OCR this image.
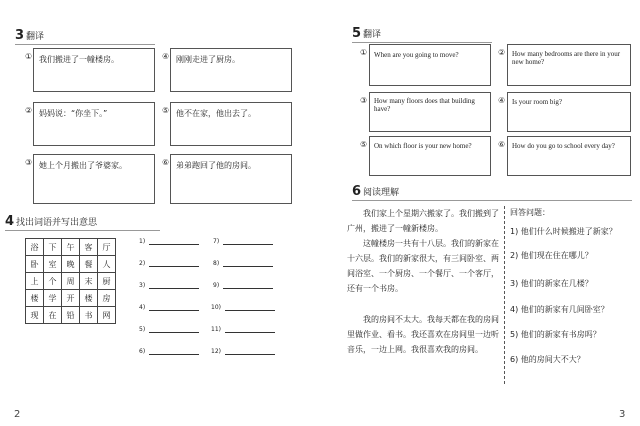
3 翻译
① 我们搬进了一幢楼房。
② 妈妈说：“你坐下。”
③ 她上个月搬出了爷婆家。
④ 刚刚走进了厨房。
⑤ 他不在家，他出去了。
⑥ 弟弟跑回了他的房间。
4 找出词语并写出意思
浴	下	午	客	厅
卧	室	晚	餐	人
上	个	周	末	厨
楼	学	开	楼	房
现	在	铅	书	网
1)
2)
3)
4)
5)
6)
7)
8)
9)
10)
11)
12)
2
5 翻译
① When are you going to move?
③ How many floors does that building have?
⑤ On which floor is your new home?
② How many bedrooms are there in your new home?
④ Is your room big?
⑥ How do you go to school every day?
6 阅读理解
我们家上个星期六搬家了。我们搬到了广州，搬进了一幢新楼房。
这幢楼房一共有十八层。我们的新家在十六层。我们的新家很大，有三间卧室、两间浴室、一个厨房、一个餐厅、一个客厅，还有一个书房。
我的房间不太大。我每天都在我的房间里做作业、看书。我还喜欢在房间里一边听音乐，一边上网。我很喜欢我的房间。
回答问题：
1) 他们什么时候搬进了新家？
2) 他们现在住在哪儿？
3) 他们的新家在几楼？
4) 他们的新家有几间卧室？
5) 他们的新家有书房吗？
6) 他的房间大不大？
3
